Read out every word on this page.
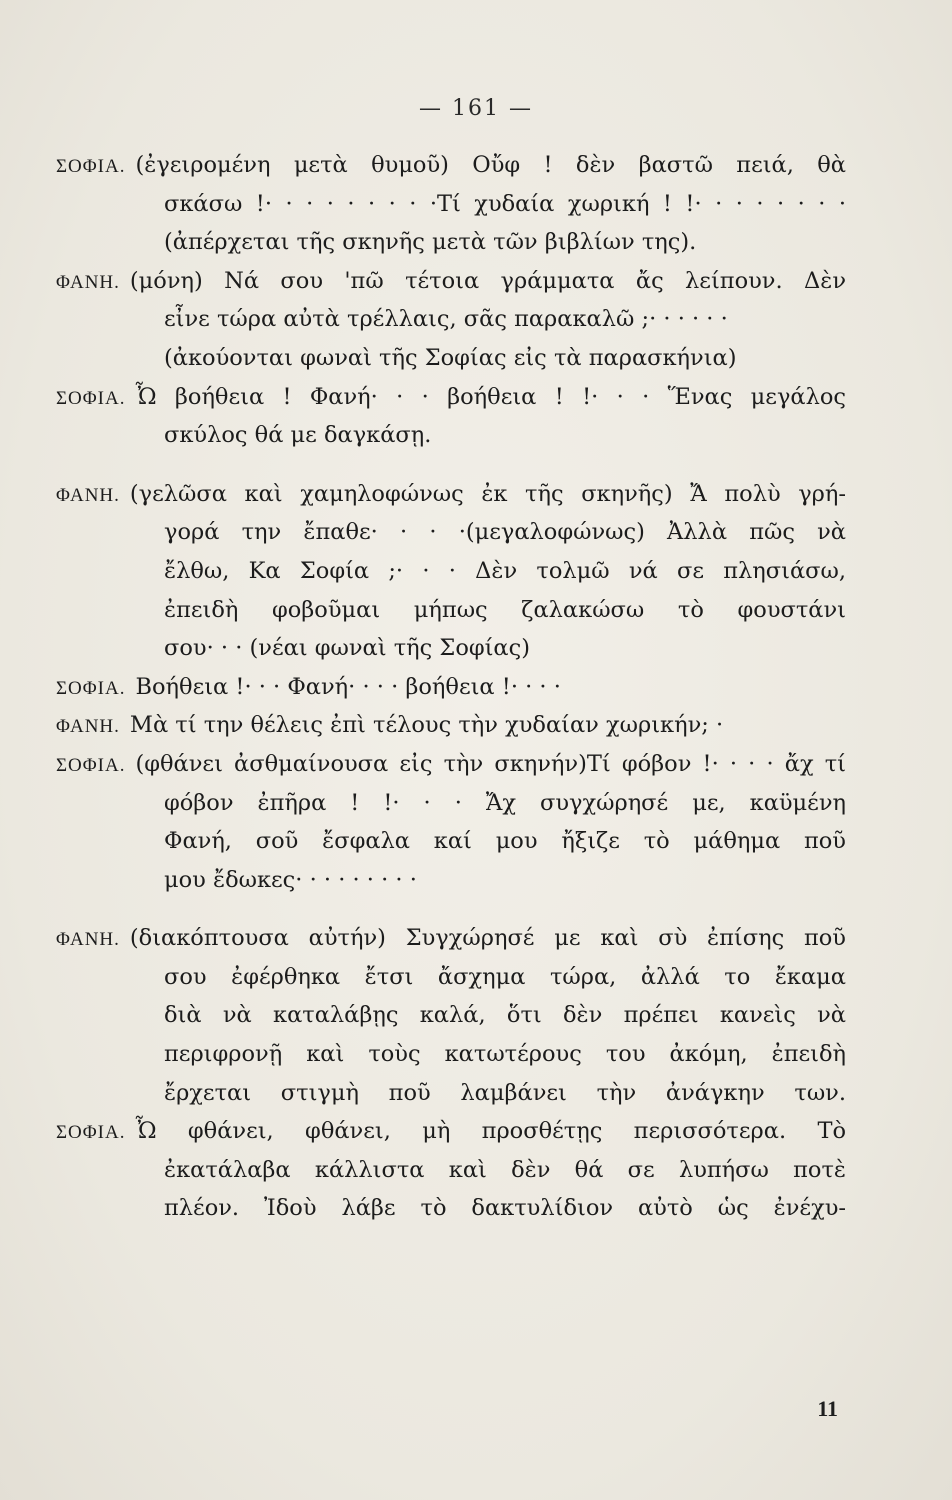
— 161 —
ΣΟΦΙΑ. (ἐγειρομένη μετὰ θυμοῦ) Οὔφ ! δὲν βαστῶ πειά, θὰ
σκάσω !· · · · · · · · ·Τί χυδαία χωρική ! !· · · · · · · ·
(ἀπέρχεται τῆς σκηνῆς μετὰ τῶν βιβλίων της).
ΦΑΝΗ. (μόνη) Νά σου 'πῶ τέτοια γράμματα ἄς λείπουν. Δὲν
εἶνε τώρα αὐτὰ τρέλλαις, σᾶς παρακαλῶ ;· · · · · ·
(ἀκούονται φωναὶ τῆς Σοφίας εἰς τὰ παρασκήνια)
ΣΟΦΙΑ. Ὦ βοήθεια ! Φανή· · · βοήθεια ! !· · · Ἕνας μεγάλος
σκύλος θά με δαγκάσῃ.
ΦΑΝΗ. (γελῶσα καὶ χαμηλοφώνως ἐκ τῆς σκηνῆς) Ἄ πολὺ γρή-
γορά την ἔπαθε· · · ·(μεγαλοφώνως) Ἀλλὰ πῶς νὰ
ἔλθω, Κα Σοφία ;· · · Δὲν τολμῶ νά σε πλησιάσω,
ἐπειδὴ φοβοῦμαι μήπως ζαλακώσω τὸ φουστάνι
σου· · · (νέαι φωναὶ τῆς Σοφίας)
ΣΟΦΙΑ. Βοήθεια !· · · Φανή· · · · βοήθεια !· · · ·
ΦΑΝΗ. Μὰ τί την θέλεις ἐπὶ τέλους τὴν χυδαίαν χωρικήν; ·
ΣΟΦΙΑ. (φθάνει ἀσθμαίνουσα εἰς τὴν σκηνήν)Τί φόβον !· · · · ἄχ τί
φόβον ἐπῆρα ! !· · · Ἄχ συγχώρησέ με, καϋμένη
Φανή, σοῦ ἔσφαλα καί μου ἤξιζε τὸ μάθημα ποῦ
μου ἔδωκες· · · · · · · · ·
ΦΑΝΗ. (διακόπτουσα αὐτήν) Συγχώρησέ με καὶ σὺ ἐπίσης ποῦ
σου ἐφέρθηκα ἔτσι ἄσχημα τώρα, ἀλλά το ἔκαμα
διὰ νὰ καταλάβῃς καλά, ὅτι δὲν πρέπει κανεὶς νὰ
περιφρονῇ καὶ τοὺς κατωτέρους του ἀκόμη, ἐπειδὴ
ἔρχεται στιγμὴ ποῦ λαμβάνει τὴν ἀνάγκην των.
ΣΟΦΙΑ. Ὦ φθάνει, φθάνει, μὴ προσθέτῃς περισσότερα. Τὸ
ἐκατάλαβα κάλλιστα καὶ δὲν θά σε λυπήσω ποτὲ
πλέον. Ἰδοὺ λάβε τὸ δακτυλίδιον αὐτὸ ὡς ἐνέχυ-
11
